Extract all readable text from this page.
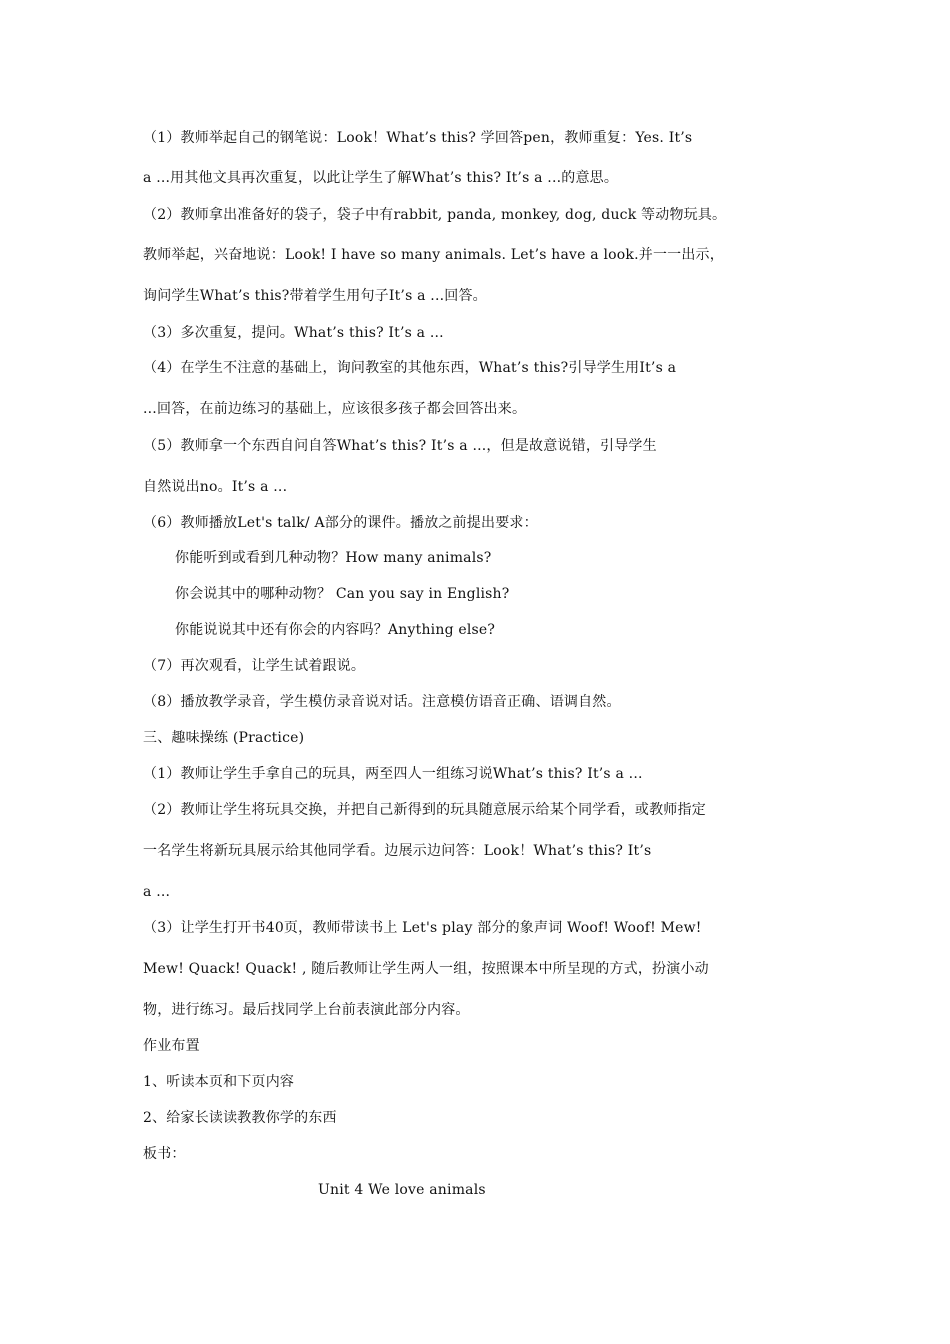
（1）教师举起自己的钢笔说：Look！What’s this? 学回答pen，教师重复：Yes. It’s
a ...用其他文具再次重复，以此让学生了解What’s this? It’s a ...的意思。
（2）教师拿出准备好的袋子，袋子中有rabbit, panda, monkey, dog, duck 等动物玩具。
教师举起，兴奋地说：Look! I have so many animals. Let’s have a look.并一一出示，
询问学生What’s this?带着学生用句子It’s a ...回答。
（3）多次重复，提问。What’s this? It’s a ...
（4）在学生不注意的基础上，询问教室的其他东西，What’s this?引导学生用It’s a
...回答，在前边练习的基础上，应该很多孩子都会回答出来。
（5）教师拿一个东西自问自答What’s this? It’s a ...，但是故意说错，引导学生
自然说出no。It’s a ...
（6）教师播放Let's talk/ A部分的课件。播放之前提出要求：
你能听到或看到几种动物？How many animals?
你会说其中的哪种动物？ Can you say in English?
你能说说其中还有你会的内容吗？Anything else?
（7）再次观看，让学生试着跟说。
（8）播放教学录音，学生模仿录音说对话。注意模仿语音正确、语调自然。
三、趣味操练 (Practice)
（1）教师让学生手拿自己的玩具，两至四人一组练习说What’s this? It’s a ...
（2）教师让学生将玩具交换，并把自己新得到的玩具随意展示给某个同学看，或教师指定
一名学生将新玩具展示给其他同学看。边展示边问答：Look！What’s this? It’s
a ...
（3）让学生打开书40页，教师带读书上 Let's play 部分的象声词 Woof! Woof! Mew!
Mew! Quack! Quack! , 随后教师让学生两人一组，按照课本中所呈现的方式，扮演小动
物，进行练习。最后找同学上台前表演此部分内容。
作业布置
1、听读本页和下页内容
2、给家长读读教教你学的东西
板书：
Unit 4 We love animals
